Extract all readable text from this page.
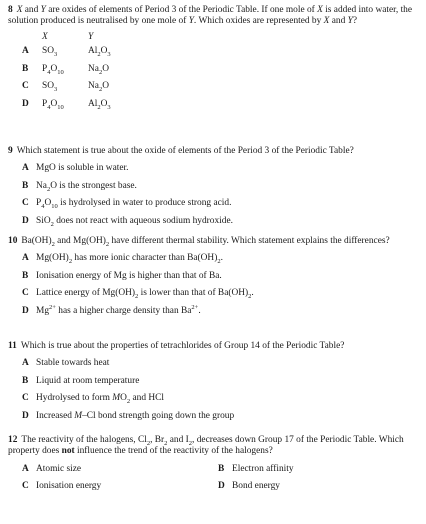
8 X and Y are oxides of elements of Period 3 of the Periodic Table. If one mole of X is added into water, the solution produced is neutralised by one mole of Y. Which oxides are represented by X and Y?

X	Y
A	$SO_3$	$Al_2O_3$
B	$P_4O_{10}$	$Na_2O$
C	$SO_3$	$Na_2O$
D	$P_4O_{10}$	$Al_2O_3$

9 Which statement is true about the oxide of elements of the Period 3 of the Periodic Table?

A MgO is soluble in water.
B $Na_2O$ is the strongest base.
C $P_4O_{10}$ is hydrolysed in water to produce strong acid.
D SiO$_2$ does not react with aqueous sodium hydroxide.

10 $Ba(OH)_2$ and $Mg(OH)_2$ have different thermal stability. Which statement explains the differences?

A $Mg(OH)_2$ has more ionic character than $Ba(OH)_2$.
B Ionisation energy of Mg is higher than that of Ba.
C Lattice energy of $Mg(OH)_2$ is lower than that of $Ba(OH)_2$.
D $Mg^{2+}$ has a higher charge density than $Ba^{2+}$.

11 Which is true about the properties of tetrachlorides of Group 14 of the Periodic Table?

A Stable towards heat
B Liquid at room temperature
C Hydrolysed to form $MO_2$ and HCl
D Increased M–Cl bond strength going down the group

12 The reactivity of the halogens, $Cl_2$, $Br_2$ and $I_2$, decreases down Group 17 of the Periodic Table. Which property does not influence the trend of the reactivity of the halogens?

A Atomic size	B Electron affinity
C Ionisation energy	D Bond energy
